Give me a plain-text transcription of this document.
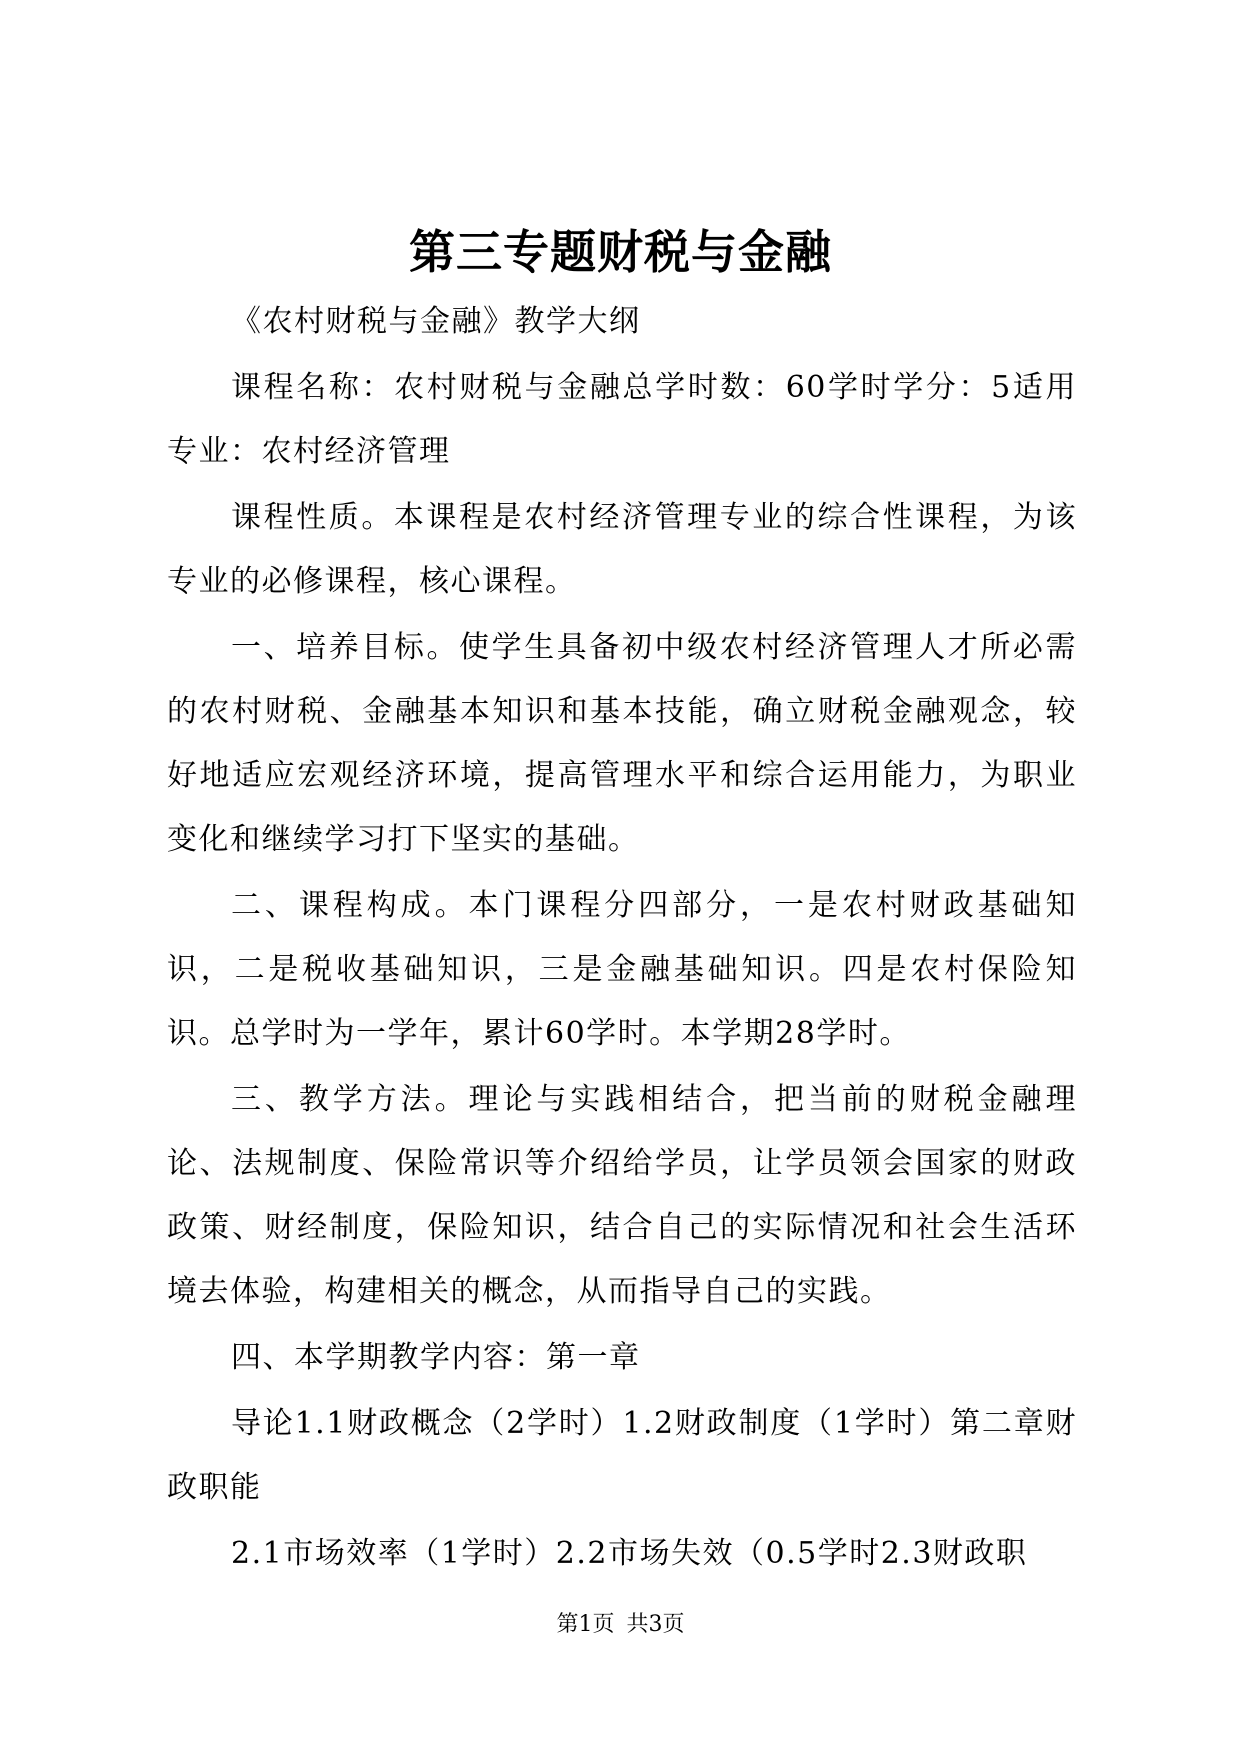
第三专题财税与金融

《农村财税与金融》教学大纲

课程名称：农村财税与金融总学时数：60学时学分：5适用专业：农村经济管理

课程性质。本课程是农村经济管理专业的综合性课程，为该专业的必修课程，核心课程。

一、培养目标。使学生具备初中级农村经济管理人才所必需的农村财税、金融基本知识和基本技能，确立财税金融观念，较好地适应宏观经济环境，提高管理水平和综合运用能力，为职业变化和继续学习打下坚实的基础。

二、课程构成。本门课程分四部分，一是农村财政基础知识，二是税收基础知识，三是金融基础知识。四是农村保险知识。总学时为一学年，累计60学时。本学期28学时。

三、教学方法。理论与实践相结合，把当前的财税金融理论、法规制度、保险常识等介绍给学员，让学员领会国家的财政政策、财经制度，保险知识，结合自己的实际情况和社会生活环境去体验，构建相关的概念，从而指导自己的实践。

四、本学期教学内容：第一章

导论1.1财政概念（2学时）1.2财政制度（1学时）第二章财政职能

2.1市场效率（1学时）2.2市场失效（0.5学时2.3财政职

第1页 共3页
